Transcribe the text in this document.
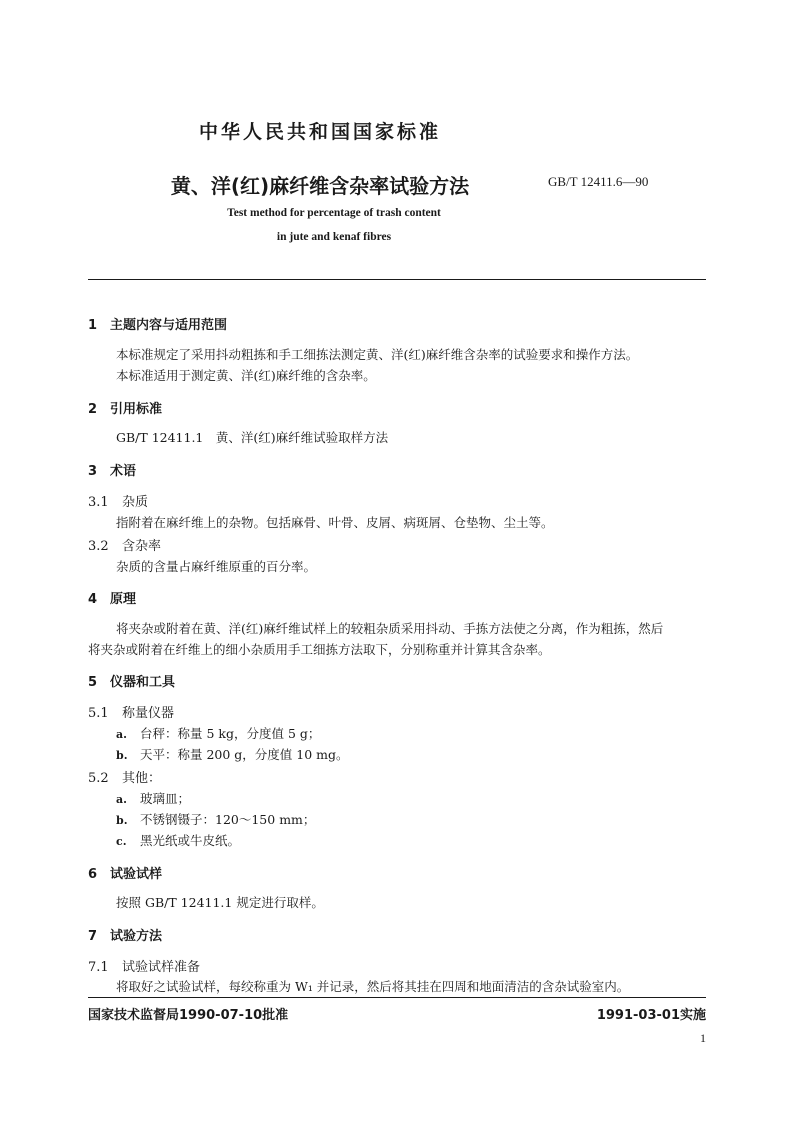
中华人民共和国国家标准
黄、洋(红)麻纤维含杂率试验方法	GB/T 12411.6—90
Test method for percentage of trash content
in jute and kenaf fibres
1 主题内容与适用范围
本标准规定了采用抖动粗拣和手工细拣法测定黄、洋(红)麻纤维含杂率的试验要求和操作方法。
本标准适用于测定黄、洋(红)麻纤维的含杂率。
2 引用标准
GB/T 12411.1　黄、洋(红)麻纤维试验取样方法
3 术语
3.1 杂质
指附着在麻纤维上的杂物。包括麻骨、叶骨、皮屑、病斑屑、仓垫物、尘土等。
3.2 含杂率
杂质的含量占麻纤维原重的百分率。
4 原理
将夹杂或附着在黄、洋(红)麻纤维试样上的较粗杂质采用抖动、手拣方法使之分离，作为粗拣，然后
将夹杂或附着在纤维上的细小杂质用手工细拣方法取下，分别称重并计算其含杂率。
5 仪器和工具
5.1 称量仪器
a. 台秤：称量 5 kg，分度值 5 g；
b. 天平：称量 200 g，分度值 10 mg。
5.2 其他：
a. 玻璃皿；
b. 不锈钢镊子：120～150 mm；
c. 黑光纸或牛皮纸。
6 试验试样
按照 GB/T 12411.1 规定进行取样。
7 试验方法
7.1 试验试样准备
将取好之试验试样，每绞称重为 W₁ 并记录，然后将其挂在四周和地面清洁的含杂试验室内。
国家技术监督局1990-07-10批准	1991-03-01实施
1
